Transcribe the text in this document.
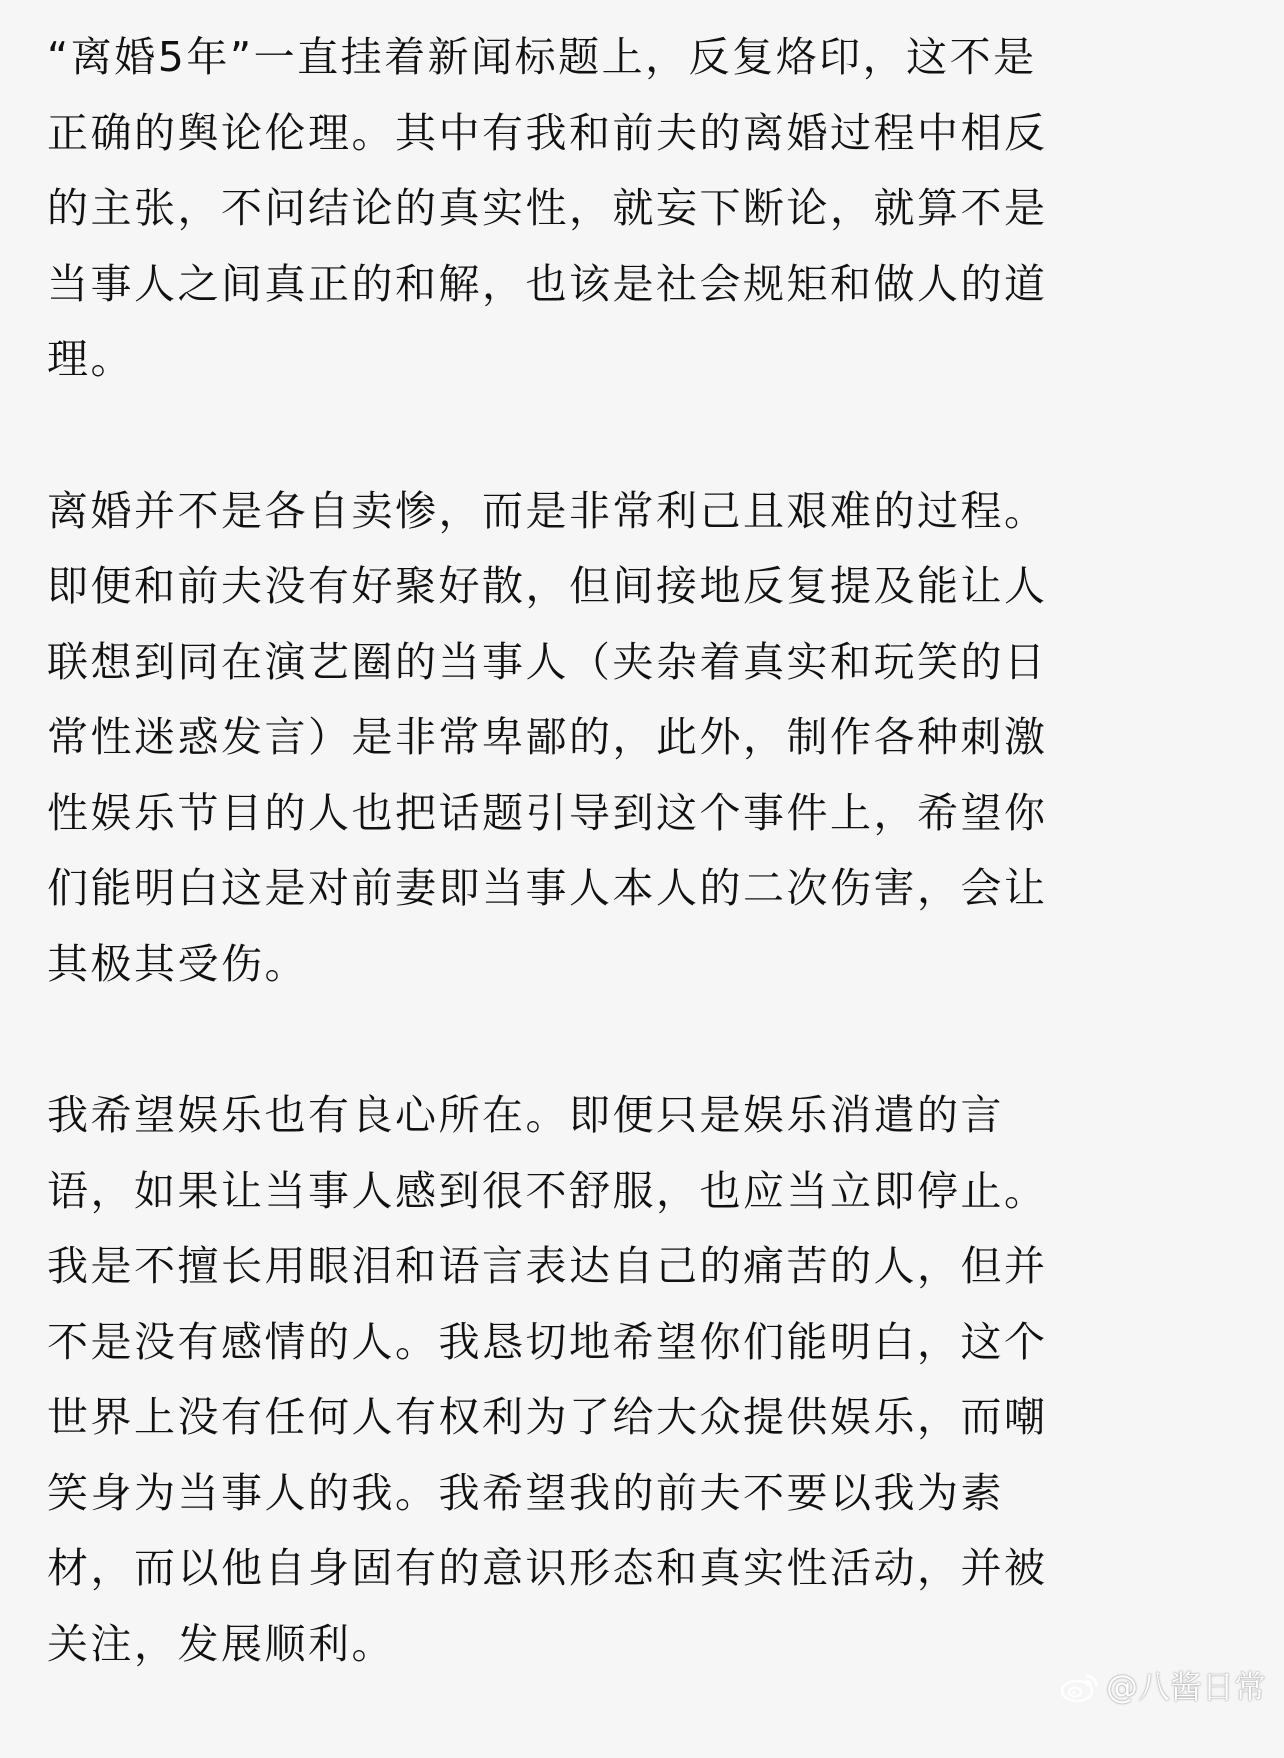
“离婚5年”一直挂着新闻标题上，反复烙印，这不是
正确的舆论伦理。其中有我和前夫的离婚过程中相反
的主张，不问结论的真实性，就妄下断论，就算不是
当事人之间真正的和解，也该是社会规矩和做人的道
理。
离婚并不是各自卖惨，而是非常利己且艰难的过程。
即便和前夫没有好聚好散，但间接地反复提及能让人
联想到同在演艺圈的当事人（夹杂着真实和玩笑的日
常性迷惑发言）是非常卑鄙的，此外，制作各种刺激
性娱乐节目的人也把话题引导到这个事件上，希望你
们能明白这是对前妻即当事人本人的二次伤害，会让
其极其受伤。
我希望娱乐也有良心所在。即便只是娱乐消遣的言
语，如果让当事人感到很不舒服，也应当立即停止。
我是不擅长用眼泪和语言表达自己的痛苦的人，但并
不是没有感情的人。我恳切地希望你们能明白，这个
世界上没有任何人有权利为了给大众提供娱乐，而嘲
笑身为当事人的我。我希望我的前夫不要以我为素
材，而以他自身固有的意识形态和真实性活动，并被
关注，发展顺利。
@八酱日常
